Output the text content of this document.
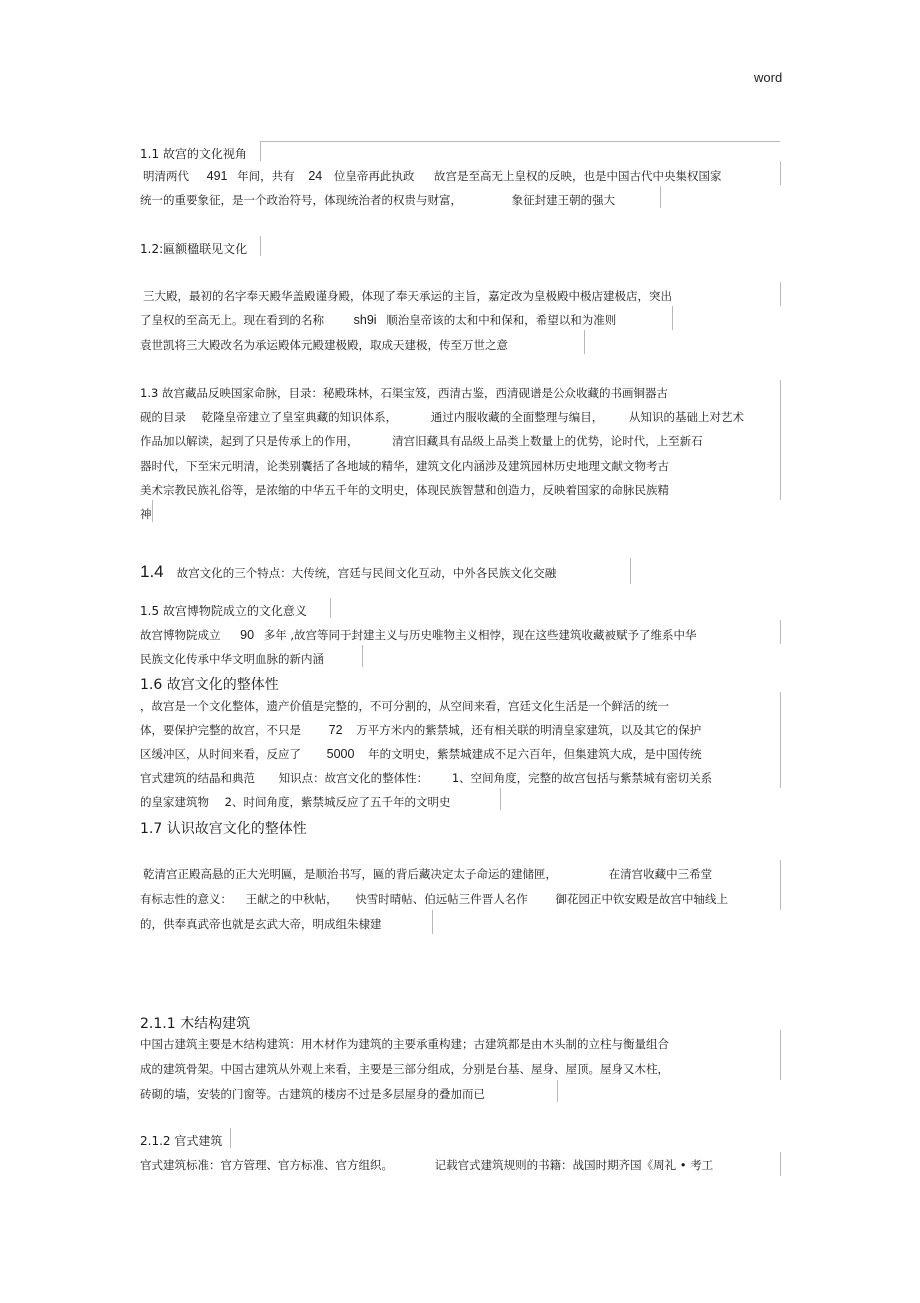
word
1.1 故宫的文化视角
明清两代 491 年间，共有 24 位皇帝再此执政 故宫是至高无上皇权的反映，也是中国古代中央集权国家
统一的重要象征，是一个政治符号，体现统治者的权贵与财富，	象征封建王朝的强大
1.2:匾额楹联见文化
三大殿，最初的名字奉天殿华盖殿谨身殿，体现了奉天承运的主旨，嘉定改为皇极殿中极店建极店，突出
了皇权的至高无上。现在看到的名称 sh9i 顺治皇帝该的太和中和保和，希望以和为准则
袁世凯将三大殿改名为承运殿体元殿建极殿，取成天建极，传至万世之意
1.3 故宫藏品反映国家命脉，目录：秘殿珠林，石渠宝笈，西清古鉴，西清砚谱是公众收藏的书画铜器古
砚的目录 乾隆皇帝建立了皇室典藏的知识体系，	通过内服收藏的全面整理与编目， 从知识的基础上对艺术
作品加以解读，起到了只是传承上的作用，	清宫旧藏具有品级上品类上数量上的优势，论时代，上至新石
器时代，下至宋元明清，论类别囊括了各地域的精华，建筑文化内涵涉及建筑园林历史地理文献文物考古
美术宗教民族礼俗等，是浓缩的中华五千年的文明史，体现民族智慧和创造力，反映着国家的命脉民族精
神
1.4 故宫文化的三个特点：大传统，宫廷与民间文化互动，中外各民族文化交融
1.5 故宫博物院成立的文化意义
故宫博物院成立 90 多年 ,故宫等同于封建主义与历史唯物主义相悖，现在这些建筑收藏被赋予了维系中华
民族文化传承中华文明血脉的新内涵
1.6 故宫文化的整体性
，故宫是一个文化整体，遗产价值是完整的，不可分割的，从空间来看，宫廷文化生活是一个鲜活的统一
体，要保护完整的故宫，不只是 72 万平方米内的紫禁城，还有相关联的明清皇家建筑，以及其它的保护
区缓冲区，从时间来看，反应了 5000 年的文明史，紫禁城建成不足六百年，但集建筑大成，是中国传统
官式建筑的结晶和典范 知识点：故宫文化的整体性： 1、空间角度，完整的故宫包括与紫禁城有密切关系
的皇家建筑物 2、时间角度，紫禁城反应了五千年的文明史
1.7 认识故宫文化的整体性
乾清宫正殿高悬的正大光明匾，是顺治书写，匾的背后藏决定太子命运的建储匣，	在清宫收藏中三希堂
有标志性的意义： 王献之的中秋帖， 快雪时晴帖、伯远帖三件晋人名作 御花园正中钦安殿是故宫中轴线上
的，供奉真武帝也就是玄武大帝，明成组朱棣建
2.1.1 木结构建筑
中国古建筑主要是木结构建筑：用木材作为建筑的主要承重构建；古建筑都是由木头制的立柱与衡量组合
成的建筑骨架。中国古建筑从外观上来看，主要是三部分组成，分别是台基、屋身、屋顶。屋身又木柱，
砖砌的墙，安装的门窗等。古建筑的楼房不过是多层屋身的叠加而已
2.1.2 官式建筑
官式建筑标准：官方管理、官方标准、官方组织。	记载官式建筑规则的书籍：战国时期齐国《周礼 • 考工
